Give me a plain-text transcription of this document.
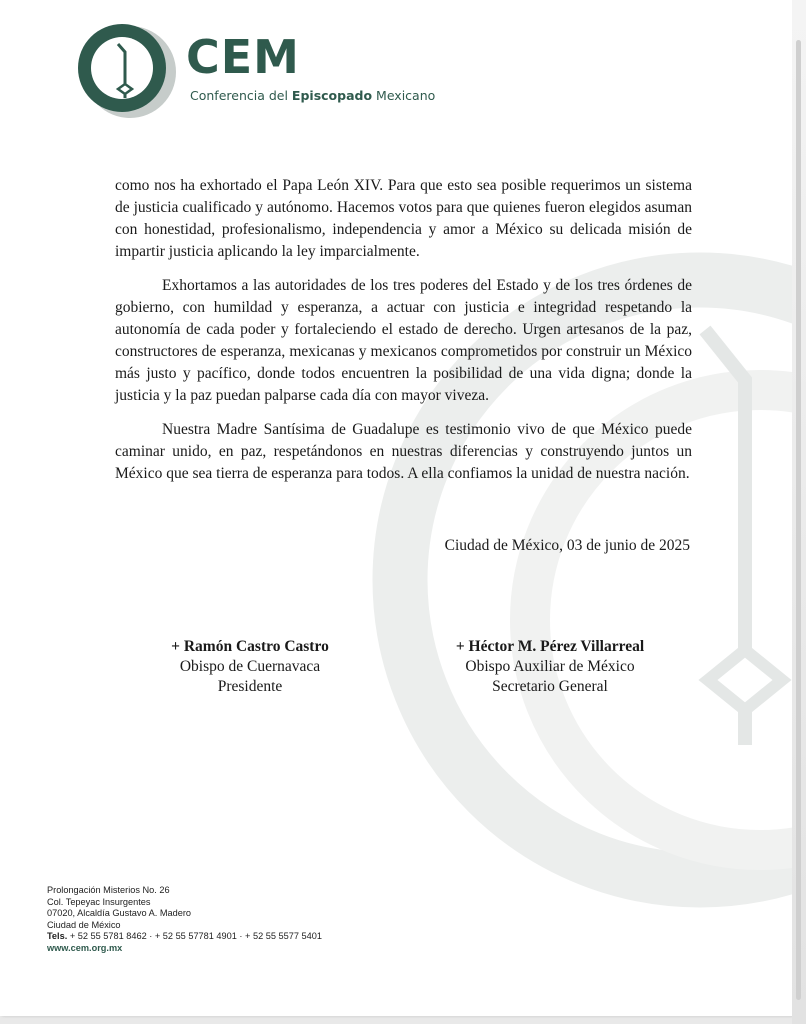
CEM
Conferencia del Episcopado Mexicano

como nos ha exhortado el Papa León XIV. Para que esto sea posible requerimos un sistema de justicia cualificado y autónomo. Hacemos votos para que quienes fueron elegidos asuman con honestidad, profesionalismo, independencia y amor a México su delicada misión de impartir justicia aplicando la ley imparcialmente.

Exhortamos a las autoridades de los tres poderes del Estado y de los tres órdenes de gobierno, con humildad y esperanza, a actuar con justicia e integridad respetando la autonomía de cada poder y fortaleciendo el estado de derecho. Urgen artesanos de la paz, constructores de esperanza, mexicanas y mexicanos comprometidos por construir un México más justo y pacífico, donde todos encuentren la posibilidad de una vida digna; donde la justicia y la paz puedan palparse cada día con mayor viveza.

Nuestra Madre Santísima de Guadalupe es testimonio vivo de que México puede caminar unido, en paz, respetándonos en nuestras diferencias y construyendo juntos un México que sea tierra de esperanza para todos. A ella confiamos la unidad de nuestra nación.

Ciudad de México, 03 de junio de 2025
+ Ramón Castro Castro
Obispo de Cuernavaca
Presidente
+ Héctor M. Pérez Villarreal
Obispo Auxiliar de México
Secretario General
Prolongación Misterios No. 26
Col. Tepeyac Insurgentes
07020, Alcaldía Gustavo A. Madero
Ciudad de México
Tels. + 52 55 5781 8462 · + 52 55 57781 4901 · + 52 55 5577 5401
www.cem.org.mx
